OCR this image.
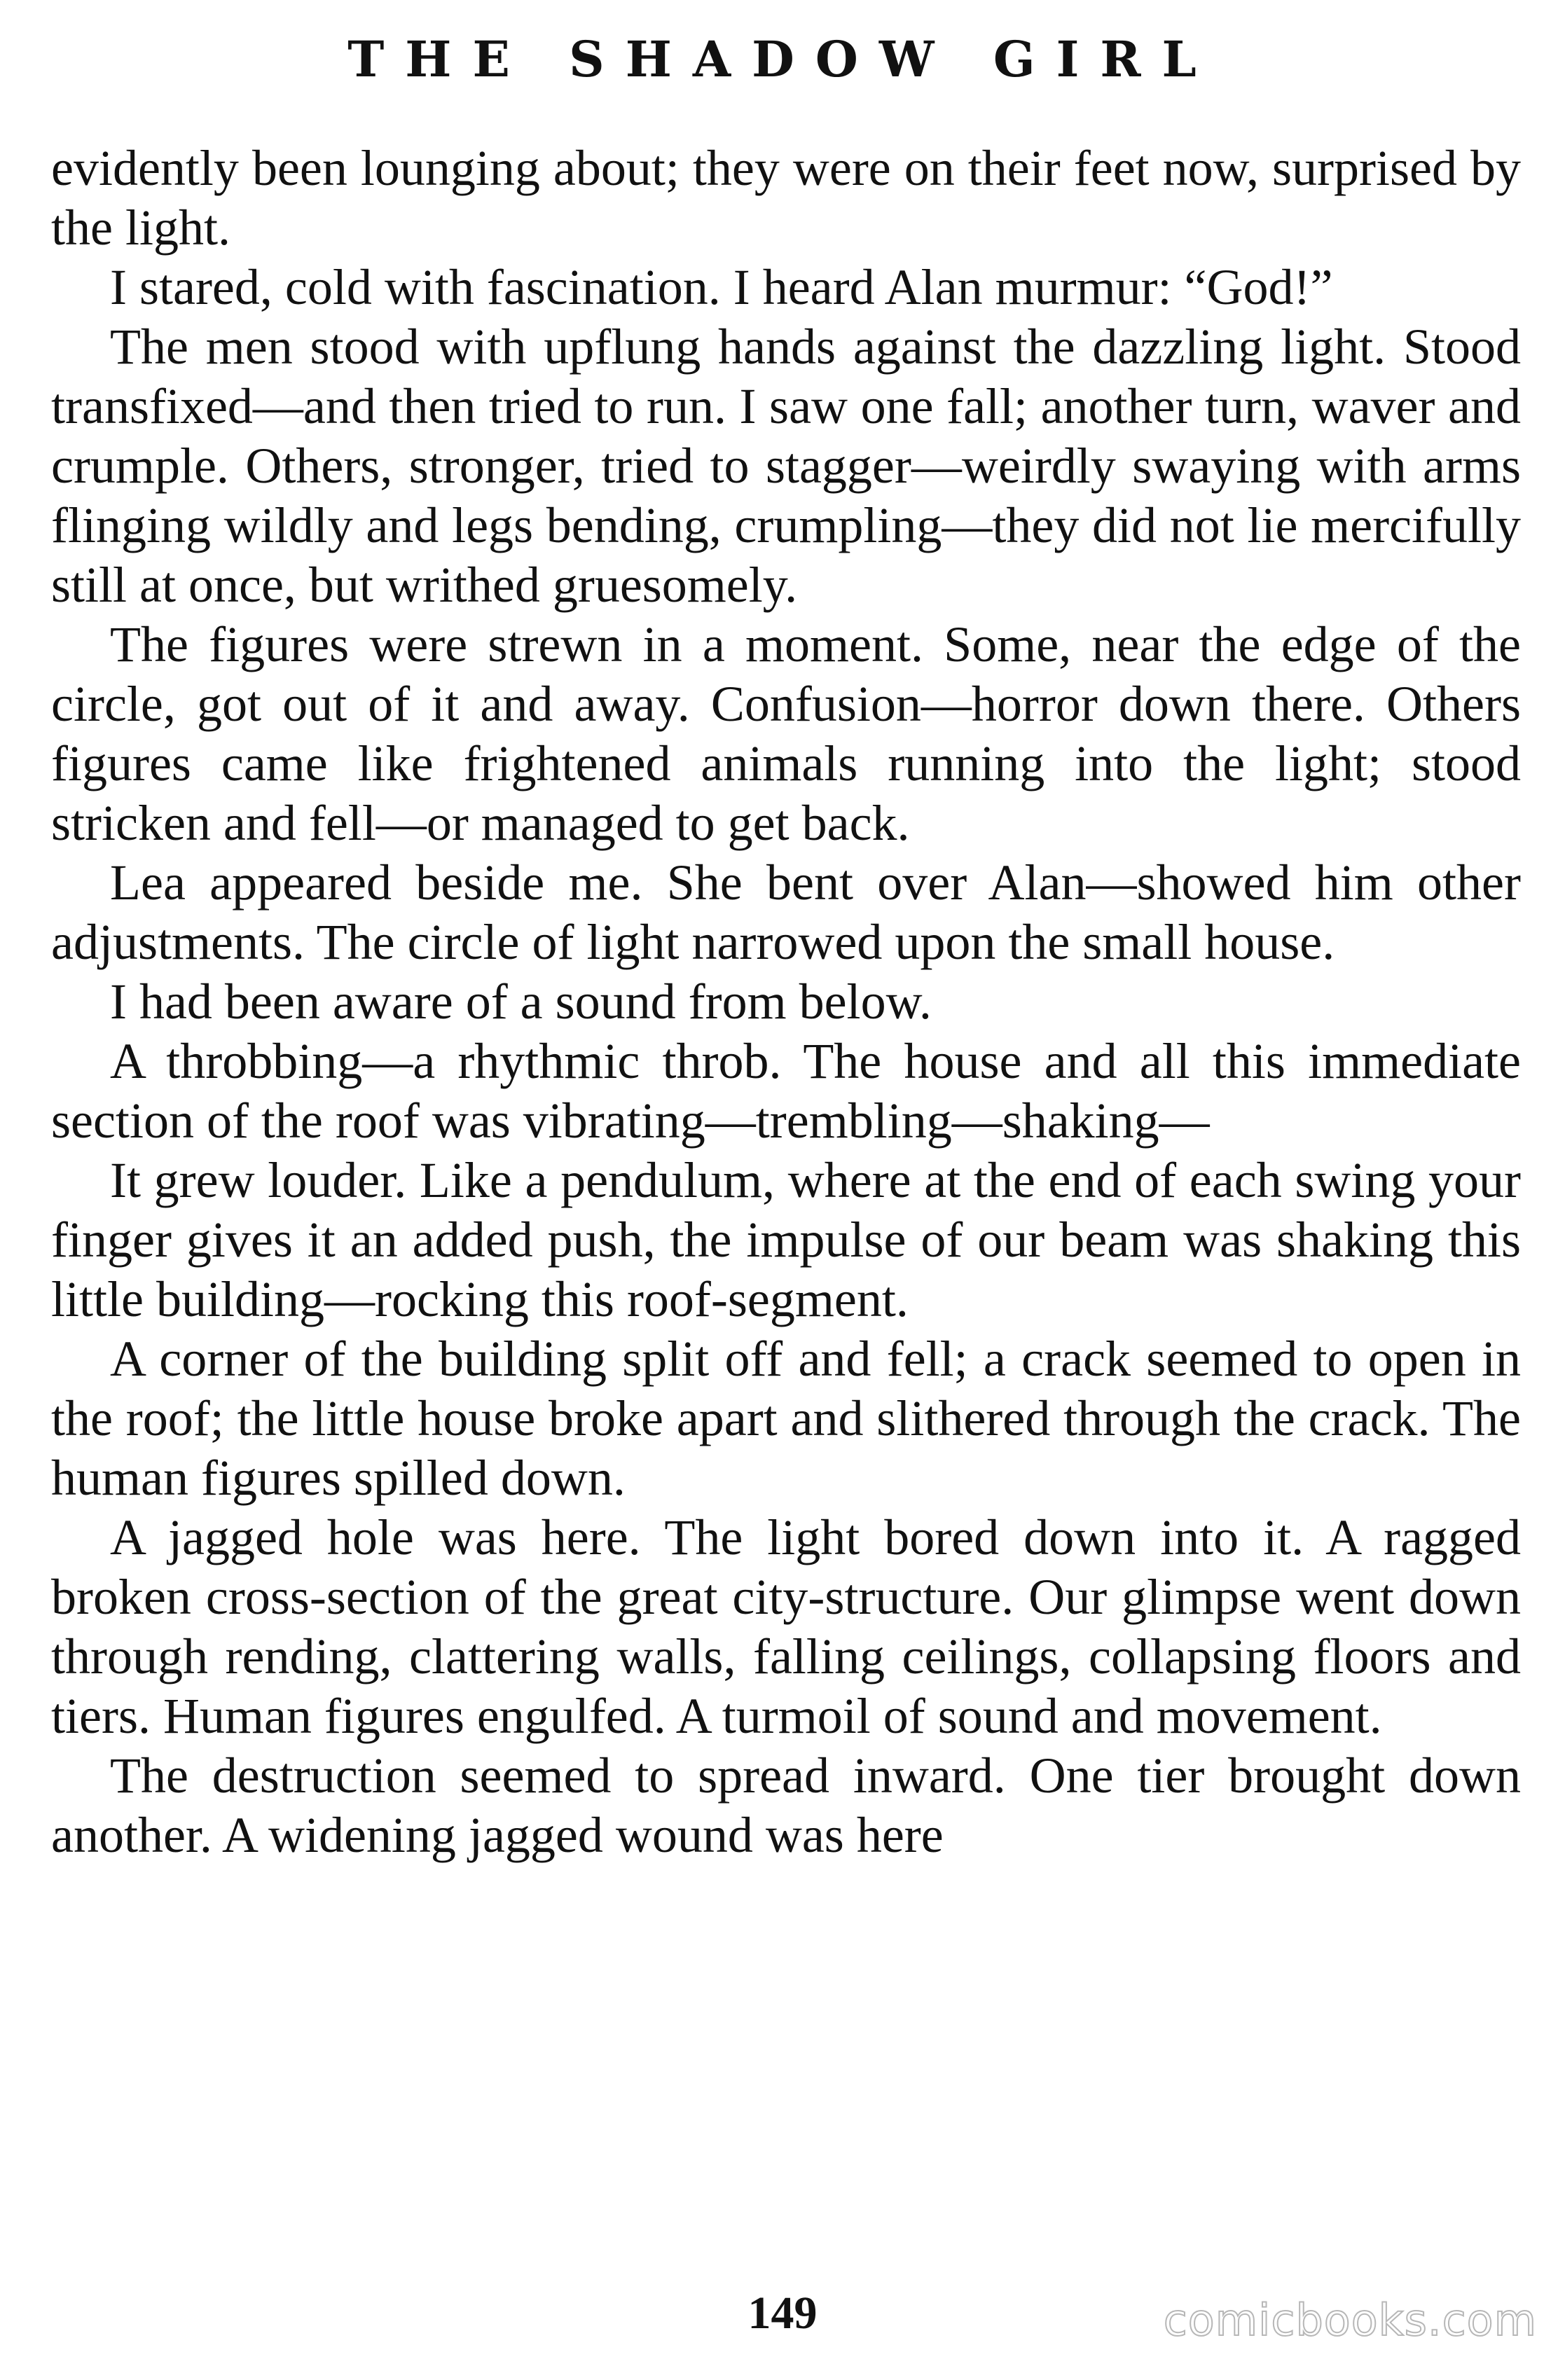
THE SHADOW GIRL

evidently been lounging about; they were on their feet now, surprised by the light.

I stared, cold with fascination. I heard Alan murmur: “God!”

The men stood with upflung hands against the dazzling light. Stood transfixed—and then tried to run. I saw one fall; another turn, waver and crumple. Others, stronger, tried to stagger—weirdly swaying with arms flinging wildly and legs bending, crumpling—they did not lie mercifully still at once, but writhed gruesomely.

The figures were strewn in a moment. Some, near the edge of the circle, got out of it and away. Confusion—horror down there. Others figures came like frightened animals running into the light; stood stricken and fell—or managed to get back.

Lea appeared beside me. She bent over Alan—showed him other adjustments. The circle of light narrowed upon the small house.

I had been aware of a sound from below.

A throbbing—a rhythmic throb. The house and all this immediate section of the roof was vibrating—trembling—shaking—

It grew louder. Like a pendulum, where at the end of each swing your finger gives it an added push, the impulse of our beam was shaking this little building—rocking this roof-segment.

A corner of the building split off and fell; a crack seemed to open in the roof; the little house broke apart and slithered through the crack. The human figures spilled down.

A jagged hole was here. The light bored down into it. A ragged broken cross-section of the great city-structure. Our glimpse went down through rending, clattering walls, falling ceilings, collapsing floors and tiers. Human figures engulfed. A turmoil of sound and movement.

The destruction seemed to spread inward. One tier brought down another. A widening jagged wound was here

149	comicbooks.com
